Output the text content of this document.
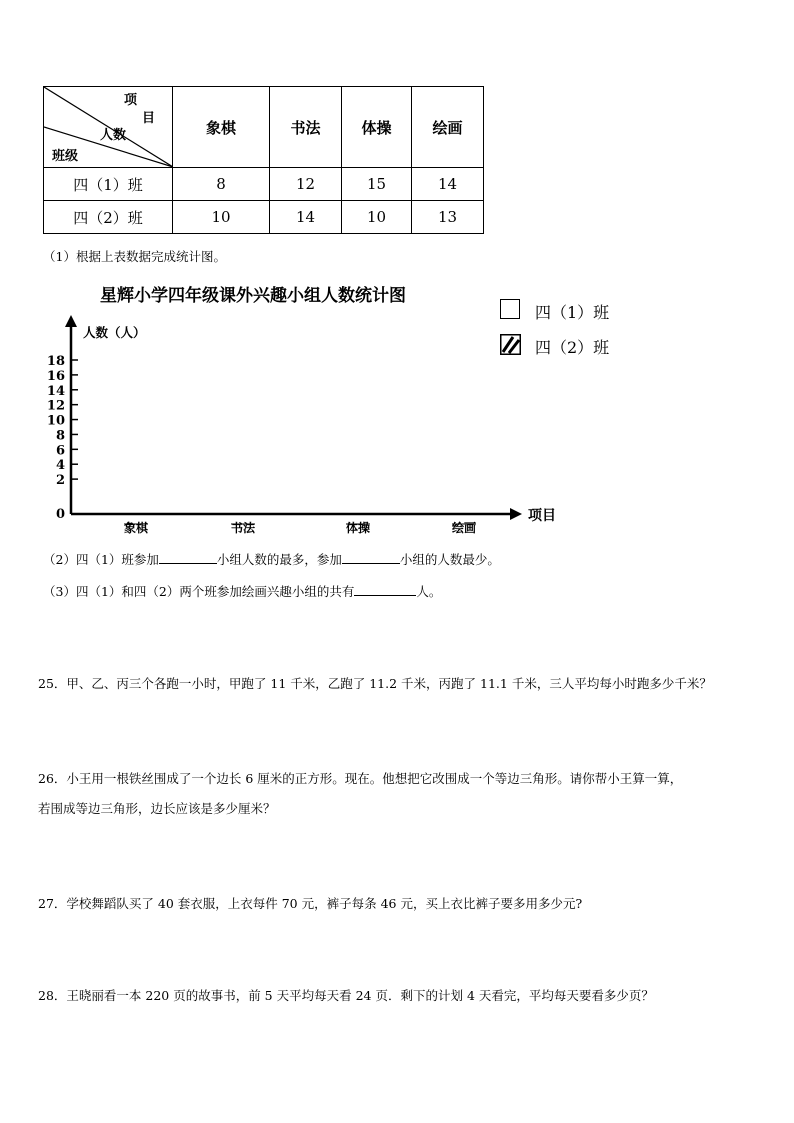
项
目
人数
班级	象棋	书法	体操	绘画
四（1）班	8	12	15	14
四（2）班	10	14	10	13
（1）根据上表数据完成统计图。
星辉小学四年级课外兴趣小组人数统计图
四（1）班
四（2）班
人数（人）
项目
0
2
4
6
8
10
12
14
16
18
象棋	书法	体操	绘画
（2）四（1）班参加	小组人数的最多，参加	小组的人数最少。
（3）四（1）和四（2）两个班参加绘画兴趣小组的共有	人。
25．甲、乙、丙三个各跑一小时，甲跑了 11 千米，乙跑了 11.2 千米，丙跑了 11.1 千米，三人平均每小时跑多少千米？
26．小王用一根铁丝围成了一个边长 6 厘米的正方形。现在。他想把它改围成一个等边三角形。请你帮小王算一算，
若围成等边三角形，边长应该是多少厘米？
27．学校舞蹈队买了 40 套衣服，上衣每件 70 元，裤子每条 46 元，买上衣比裤子要多用多少元?
28．王晓丽看一本 220 页的故事书，前 5 天平均每天看 24 页．剩下的计划 4 天看完，平均每天要看多少页？
